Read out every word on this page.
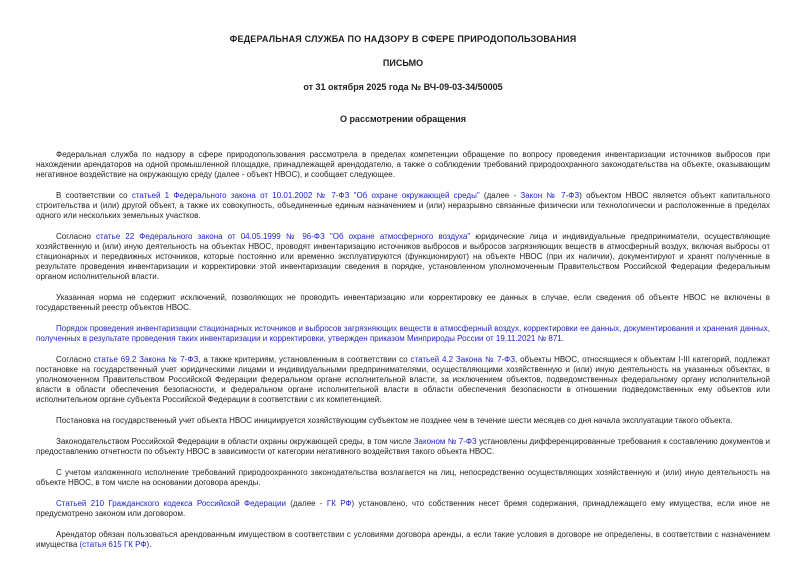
ФЕДЕРАЛЬНАЯ СЛУЖБА ПО НАДЗОРУ В СФЕРЕ ПРИРОДОПОЛЬЗОВАНИЯ
ПИСЬМО
от 31 октября 2025 года № ВЧ-09-03-34/50005
О рассмотрении обращения

Федеральная служба по надзору в сфере природопользования рассмотрела в пределах компетенции обращение по вопросу проведения инвентаризации источников выбросов при нахождении арендаторов на одной промышленной площадке, принадлежащей арендодателю, а также о соблюдении требований природоохранного законодательства на объекте, оказывающим негативное воздействие на окружающую среду (далее - объект НВОС), и сообщает следующее.

В соответствии со статьей 1 Федерального закона от 10.01.2002 № 7-ФЗ "Об охране окружающей среды" (далее - Закон № 7-ФЗ) объектом НВОС является объект капитального строительства и (или) другой объект, а также их совокупность, объединенные единым назначением и (или) неразрывно связанные физически или технологически и расположенные в пределах одного или нескольких земельных участков.

Согласно статье 22 Федерального закона от 04.05.1999 № 96-ФЗ "Об охране атмосферного воздуха" юридические лица и индивидуальные предприниматели, осуществляющие хозяйственную и (или) иную деятельность на объектах НВОС, проводят инвентаризацию источников выбросов и выбросов загрязняющих веществ в атмосферный воздух, включая выбросы от стационарных и передвижных источников, которые постоянно или временно эксплуатируются (функционируют) на объекте НВОС (при их наличии), документируют и хранят полученные в результате проведения инвентаризации и корректировки этой инвентаризации сведения в порядке, установленном уполномоченным Правительством Российской Федерации федеральным органом исполнительной власти.

Указанная норма не содержит исключений, позволяющих не проводить инвентаризацию или корректировку ее данных в случае, если сведения об объекте НВОС не включены в государственный реестр объектов НВОС.

Порядок проведения инвентаризации стационарных источников и выбросов загрязняющих веществ в атмосферный воздух, корректировки ее данных, документирования и хранения данных, полученных в результате проведения таких инвентаризации и корректировки, утвержден приказом Минприроды России от 19.11.2021 № 871.

Согласно статье 69.2 Закона № 7-ФЗ, а также критериям, установленным в соответствии со статьей 4.2 Закона № 7-ФЗ, объекты НВОС, относящиеся к объектам I-III категорий, подлежат постановке на государственный учет юридическими лицами и индивидуальными предпринимателями, осуществляющими хозяйственную и (или) иную деятельность на указанных объектах, в уполномоченном Правительством Российской Федерации федеральном органе исполнительной власти, за исключением объектов, подведомственных федеральному органу исполнительной власти в области обеспечения безопасности, и федеральном органе исполнительной власти в области обеспечения безопасности в отношении подведомственных ему объектов или исполнительном органе субъекта Российской Федерации в соответствии с их компетенцией.

Постановка на государственный учет объекта НВОС инициируется хозяйствующим субъектом не позднее чем в течение шести месяцев со дня начала эксплуатации такого объекта.

Законодательством Российской Федерации в области охраны окружающей среды, в том числе Законом № 7-ФЗ установлены дифференцированные требования к составлению документов и предоставлению отчетности по объекту НВОС в зависимости от категории негативного воздействия такого объекта НВОС.

С учетом изложенного исполнение требований природоохранного законодательства возлагается на лиц, непосредственно осуществляющих хозяйственную и (или) иную деятельность на объекте НВОС, в том числе на основании договора аренды.

Статьей 210 Гражданского кодекса Российской Федерации (далее - ГК РФ) установлено, что собственник несет бремя содержания, принадлежащего ему имущества, если иное не предусмотрено законом или договором.

Арендатор обязан пользоваться арендованным имуществом в соответствии с условиями договора аренды, а если такие условия в договоре не определены, в соответствии с назначением имущества (статья 615 ГК РФ).
